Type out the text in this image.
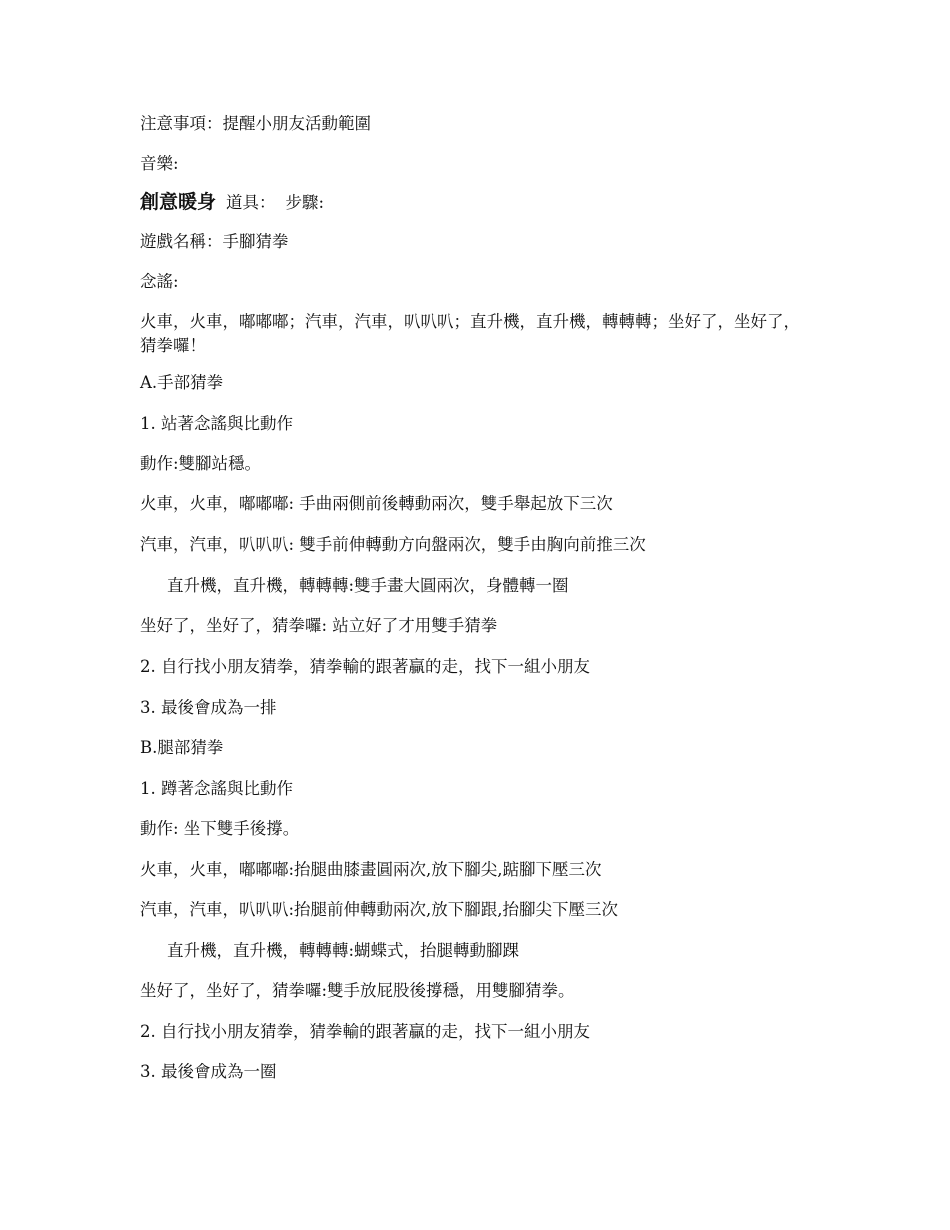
注意事項：提醒小朋友活動範圍
音樂:
創意暖身 道具： 步驟:
遊戲名稱：手腳猜拳
念謠:
火車，火車，嘟嘟嘟；汽車，汽車，叭叭叭；直升機，直升機，轉轉轉；坐好了，坐好了，猜拳囉！
A.手部猜拳
1. 站著念謠與比動作
動作:雙腳站穩。
火車，火車，嘟嘟嘟: 手曲兩側前後轉動兩次，雙手舉起放下三次
汽車，汽車，叭叭叭: 雙手前伸轉動方向盤兩次，雙手由胸向前推三次
直升機，直升機，轉轉轉:雙手畫大圓兩次，身體轉一圈
坐好了，坐好了，猜拳囉: 站立好了才用雙手猜拳
2. 自行找小朋友猜拳，猜拳輸的跟著贏的走，找下一組小朋友
3. 最後會成為一排
B.腿部猜拳
1. 蹲著念謠與比動作
動作: 坐下雙手後撐。
火車，火車，嘟嘟嘟:抬腿曲膝畫圓兩次,放下腳尖,踮腳下壓三次
汽車，汽車，叭叭叭:抬腿前伸轉動兩次,放下腳跟,抬腳尖下壓三次
直升機，直升機，轉轉轉:蝴蝶式，抬腿轉動腳踝
坐好了，坐好了，猜拳囉:雙手放屁股後撐穩，用雙腳猜拳。
2. 自行找小朋友猜拳，猜拳輸的跟著贏的走，找下一組小朋友
3. 最後會成為一圈
